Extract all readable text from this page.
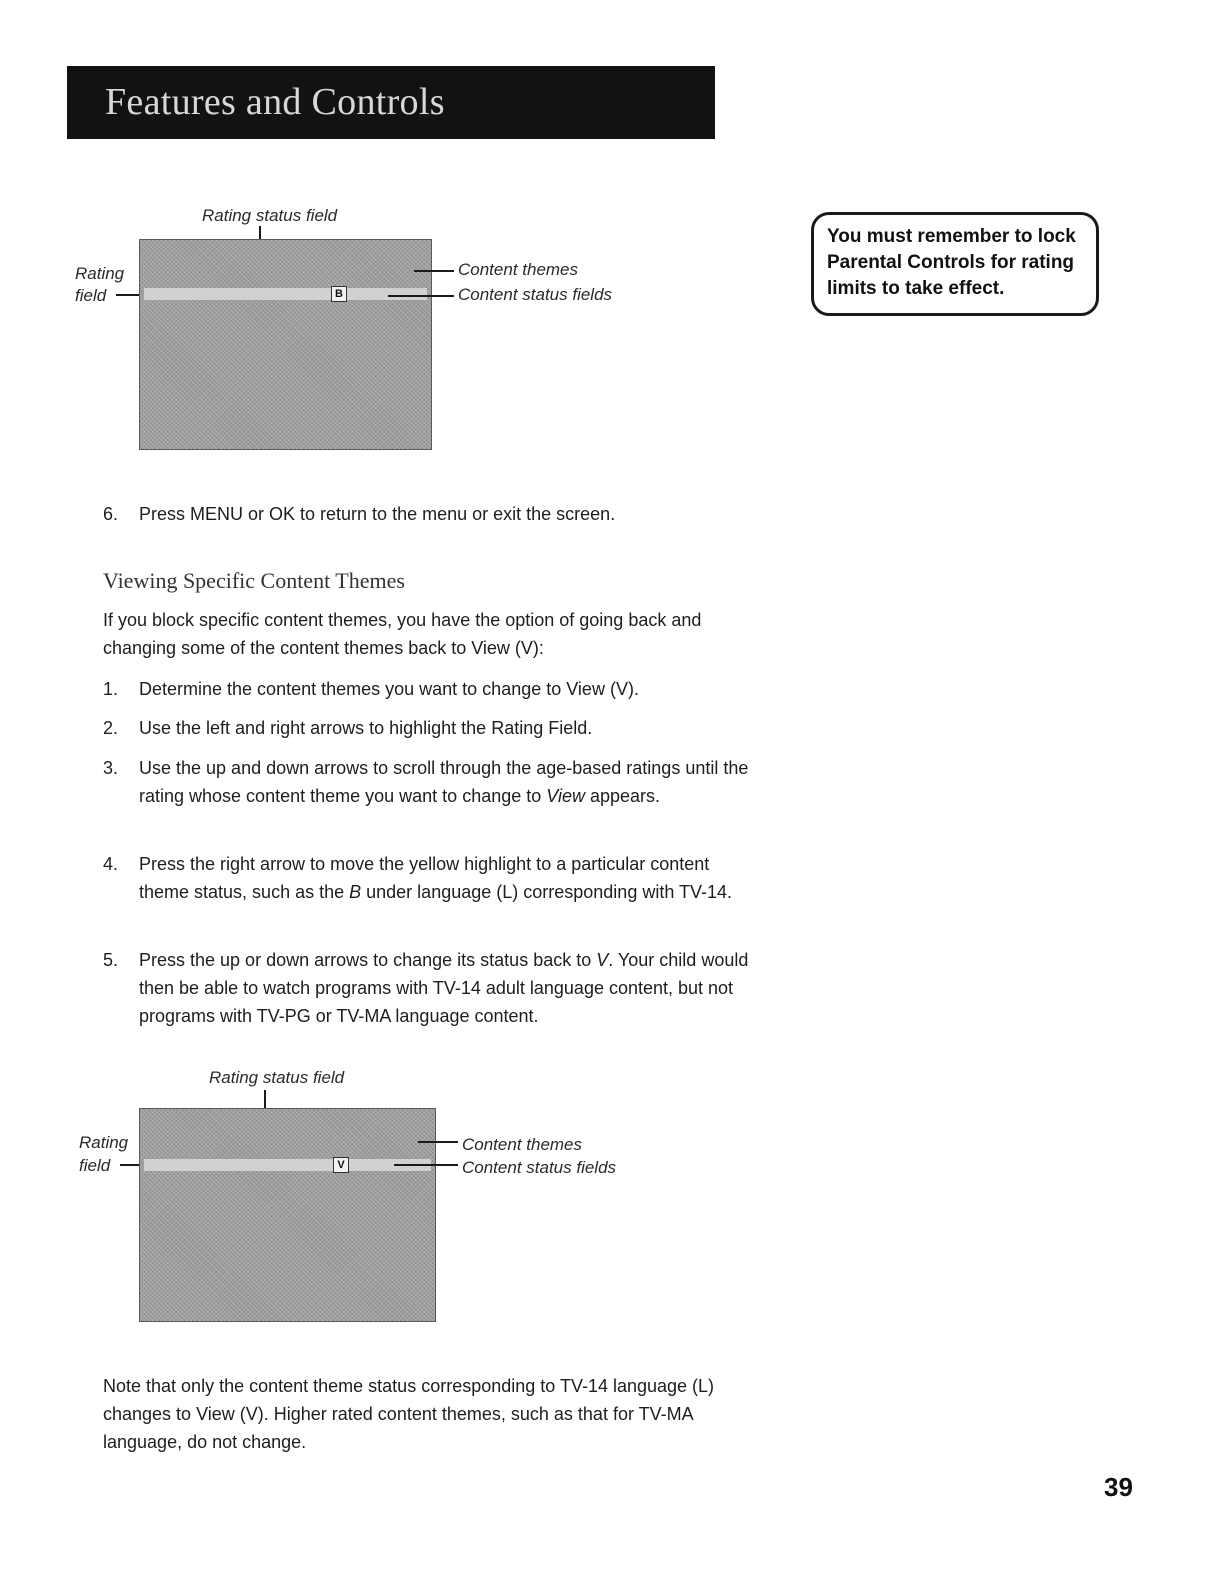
Features and Controls
Rating status field
Rating
field	B
Content themes
Content status fields
6.	Press MENU or OK to return to the menu or exit the screen.
Viewing Specific Content Themes
If you block specific content themes, you have the option of going back and changing some of the content themes back to View (V):
1.	Determine the content themes you want to change to View (V).
2.	Use the left and right arrows to highlight the Rating Field.
3.	Use the up and down arrows to scroll through the age-based ratings until the rating whose content theme you want to change to View appears.
4.	Press the right arrow to move the yellow highlight to a particular content theme status, such as the B under language (L) corresponding with TV-14.
5.	Press the up or down arrows to change its status back to V. Your child would then be able to watch programs with TV-14 adult language content, but not programs with TV-PG or TV-MA language content.
Rating status field
Rating
field	V
Content themes
Content status fields
Note that only the content theme status corresponding to TV-14 language (L) changes to View (V). Higher rated content themes, such as that for TV-MA language, do not change.
You must remember to lock Parental Controls for rating limits to take effect.
39
